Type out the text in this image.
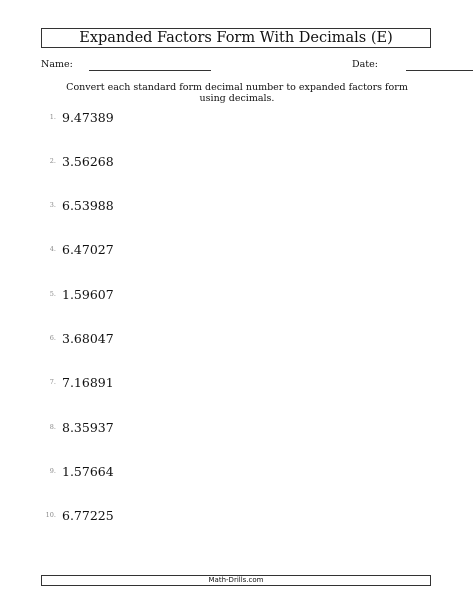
Expanded Factors Form With Decimals (E)
Name:	Date:
Convert each standard form decimal number to expanded factors form using decimals.
1. 9.47389
2. 3.56268
3. 6.53988
4. 6.47027
5. 1.59607
6. 3.68047
7. 7.16891
8. 8.35937
9. 1.57664
10. 6.77225
Math-Drills.com
